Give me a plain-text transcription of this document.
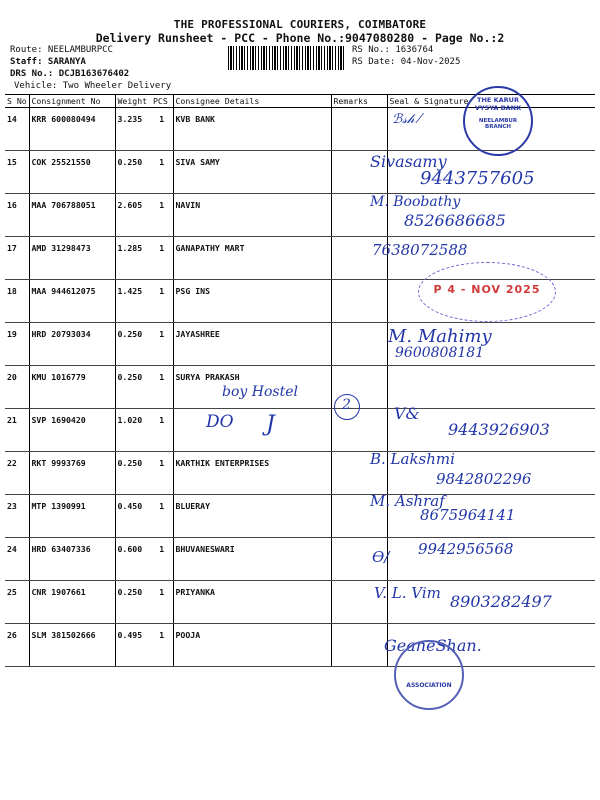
THE PROFESSIONAL COURIERS, COIMBATORE
Delivery Runsheet - PCC - Phone No.:9047080280 - Page No.:2
Route: NEELAMBURPCC
Staff: SARANYA
DRS No.: DCJB163676402
Vehicle: Two Wheeler Delivery
RS No.: 1636764
RS Date: 04-Nov-2025
S No	Consignment No	Weight	PCS	Consignee Details	Remarks	Seal & Signature
14	KRR 600080494	3.235	1	KVB BANK		
15	COK 25521550	0.250	1	SIVA SAMY		
16	MAA 706788051	2.605	1	NAVIN		
17	AMD 31298473	1.285	1	GANAPATHY MART		
18	MAA 944612075	1.425	1	PSG INS		
19	HRD 20793034	0.250	1	JAYASHREE		
20	KMU 1016779	0.250	1	SURYA PRAKASH		
21	SVP 1690420	1.020	1			
22	RKT 9993769	0.250	1	KARTHIK ENTERPRISES		
23	MTP 1390991	0.450	1	BLUERAY		
24	HRD 63407336	0.600	1	BHUVANESWARI		
25	CNR 1907661	0.250	1	PRIYANKA		
26	SLM 381502666	0.495	1	POOJA		
THE KARUR VYSYA BANK
NEELAMBUR BRANCH
ℬ𝓈𝒽 ⁄
Sivasamy
9443757605
M. Boobathy
8526686685
7638072588
P 4 - NOV 2025
M. Mahimy
9600808181
boy Hostel
DO J
2	V&
9443926903
B. Lakshmi
9842802296
M. Ashraf
8675964141
Ѳ/ 9942956568
V. L. Vim 8903282497
GeaneShan.
ASSOCIATION
